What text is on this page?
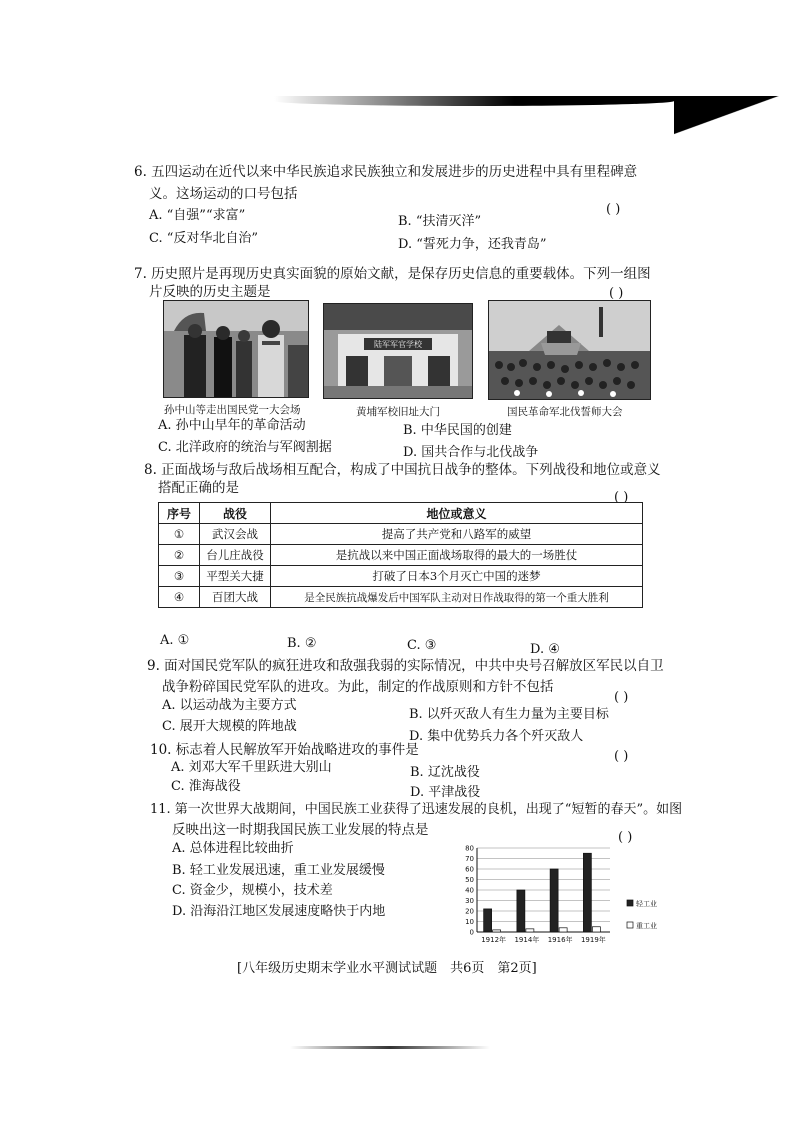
6. 五四运动在近代以来中华民族追求民族独立和发展进步的历史进程中具有里程碑意
义。这场运动的口号包括
( )
A. “自强”“求富”	B. “扶清灭洋”
C. “反对华北自治”	D. “誓死力争，还我青岛”
7. 历史照片是再现历史真实面貌的原始文献，是保存历史信息的重要载体。下列一组图
片反映的历史主题是	( )
陆军军官学校
孙中山等走出国民党一大会场	黄埔军校旧址大门	国民革命军北伐誓师大会
A. 孙中山早年的革命活动	B. 中华民国的创建
C. 北洋政府的统治与军阀割据	D. 国共合作与北伐战争
8. 正面战场与敌后战场相互配合，构成了中国抗日战争的整体。下列战役和地位或意义
搭配正确的是
( )
序号	战役	地位或意义
①	武汉会战	提高了共产党和八路军的威望
②	台儿庄战役	是抗战以来中国正面战场取得的最大的一场胜仗
③	平型关大捷	打破了日本3个月灭亡中国的迷梦
④	百团大战	是全民族抗战爆发后中国军队主动对日作战取得的第一个重大胜利
A. ①	B. ②	C. ③	D. ④
9. 面对国民党军队的疯狂进攻和敌强我弱的实际情况，中共中央号召解放区军民以自卫
战争粉碎国民党军队的进攻。为此，制定的作战原则和方针不包括
( )
A. 以运动战为主要方式
B. 以歼灭敌人有生力量为主要目标
C. 展开大规模的阵地战
D. 集中优势兵力各个歼灭敌人
10. 标志着人民解放军开始战略进攻的事件是	( )
A. 刘邓大军千里跃进大别山	B. 辽沈战役
C. 淮海战役	D. 平津战役
11. 第一次世界大战期间，中国民族工业获得了迅速发展的良机，出现了“短暂的春天”。如图
反映出这一时期我国民族工业发展的特点是	( )
A. 总体进程比较曲折
B. 轻工业发展迅速，重工业发展缓慢
C. 资金少，规模小，技术差
D. 沿海沿江地区发展速度略快于内地
0
10
20
30
40
50
60
70
80
1912年 1914年 1916年 1919年
轻工业
重工业
[八年级历史期末学业水平测试试题　共6页　第2页]
